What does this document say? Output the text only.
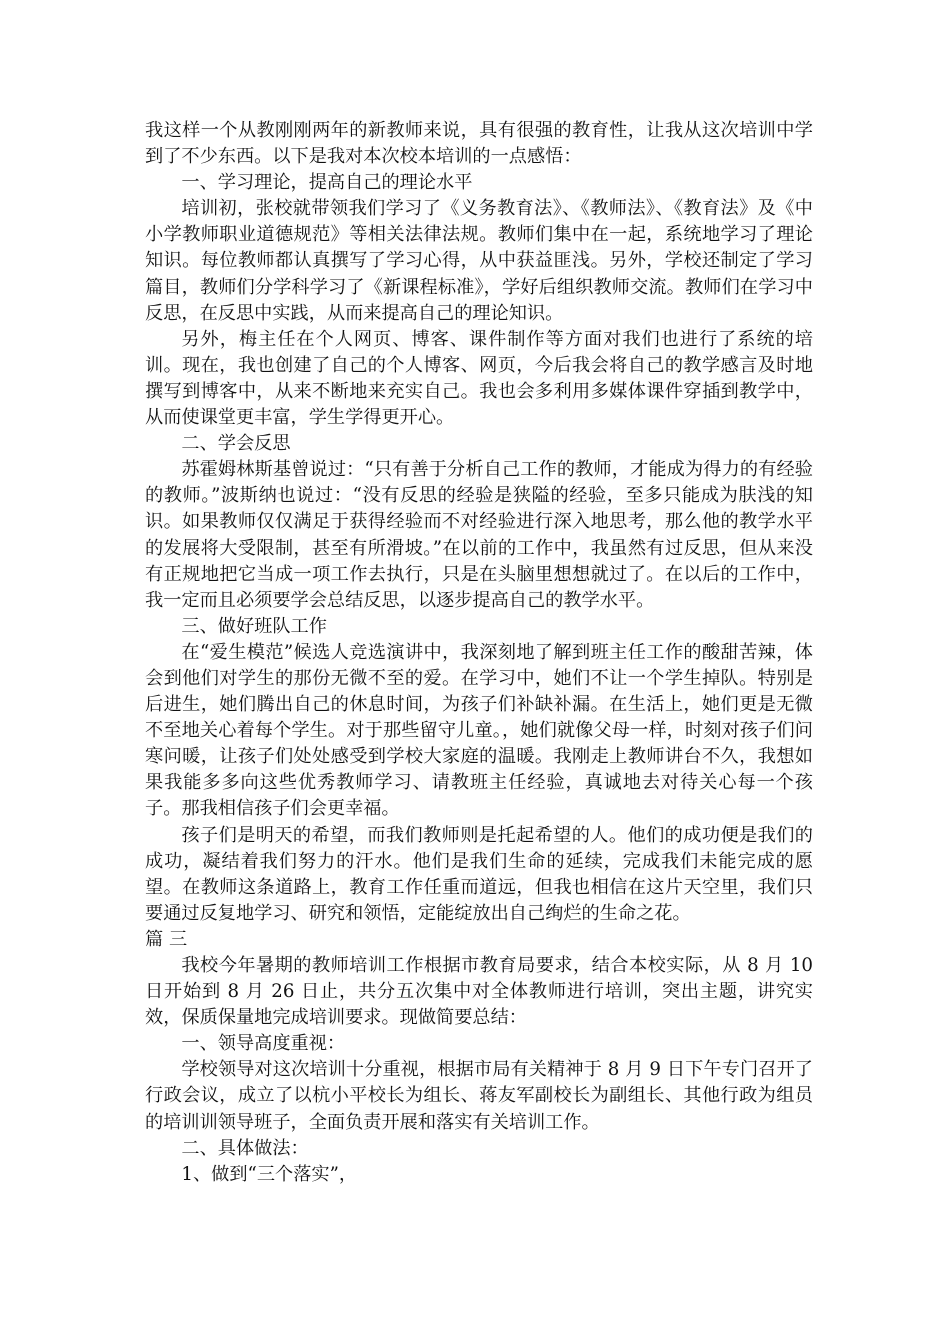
我这样一个从教刚刚两年的新教师来说，具有很强的教育性，让我从这次培训中学到了不少东西。以下是我对本次校本培训的一点感悟：

一、学习理论，提高自己的理论水平

培训初，张校就带领我们学习了《义务教育法》、《教师法》、《教育法》及《中小学教师职业道德规范》等相关法律法规。教师们集中在一起，系统地学习了理论知识。每位教师都认真撰写了学习心得，从中获益匪浅。另外，学校还制定了学习篇目，教师们分学科学习了《新课程标准》，学好后组织教师交流。教师们在学习中反思，在反思中实践，从而来提高自己的理论知识。

另外，梅主任在个人网页、博客、课件制作等方面对我们也进行了系统的培训。现在，我也创建了自己的个人博客、网页，今后我会将自己的教学感言及时地撰写到博客中，从来不断地来充实自己。我也会多利用多媒体课件穿插到教学中，从而使课堂更丰富，学生学得更开心。

二、学会反思

苏霍姆林斯基曾说过：“只有善于分析自己工作的教师，才能成为得力的有经验的教师。”波斯纳也说过：“没有反思的经验是狭隘的经验，至多只能成为肤浅的知识。如果教师仅仅满足于获得经验而不对经验进行深入地思考，那么他的教学水平的发展将大受限制，甚至有所滑坡。”在以前的工作中，我虽然有过反思，但从来没有正规地把它当成一项工作去执行，只是在头脑里想想就过了。在以后的工作中，我一定而且必须要学会总结反思，以逐步提高自己的教学水平。

三、做好班队工作

在“爱生模范”候选人竞选演讲中，我深刻地了解到班主任工作的酸甜苦辣，体会到他们对学生的那份无微不至的爱。在学习中，她们不让一个学生掉队。特别是后进生，她们腾出自己的休息时间，为孩子们补缺补漏。在生活上，她们更是无微不至地关心着每个学生。对于那些留守儿童。，她们就像父母一样，时刻对孩子们问寒问暖，让孩子们处处感受到学校大家庭的温暖。我刚走上教师讲台不久，我想如果我能多多向这些优秀教师学习、请教班主任经验，真诚地去对待关心每一个孩子。那我相信孩子们会更幸福。

孩子们是明天的希望，而我们教师则是托起希望的人。他们的成功便是我们的成功，凝结着我们努力的汗水。他们是我们生命的延续，完成我们未能完成的愿望。在教师这条道路上，教育工作任重而道远，但我也相信在这片天空里，我们只要通过反复地学习、研究和领悟，定能绽放出自己绚烂的生命之花。

篇 三

我校今年暑期的教师培训工作根据市教育局要求，结合本校实际，从 8 月 10 日开始到 8 月 26 日止，共分五次集中对全体教师进行培训，突出主题，讲究实效，保质保量地完成培训要求。现做简要总结：

一、领导高度重视：

学校领导对这次培训十分重视，根据市局有关精神于 8 月 9 日下午专门召开了行政会议，成立了以杭小平校长为组长、蒋友军副校长为副组长、其他行政为组员的培训训领导班子，全面负责开展和落实有关培训工作。

二、具体做法：

1、做到“三个落实”，
